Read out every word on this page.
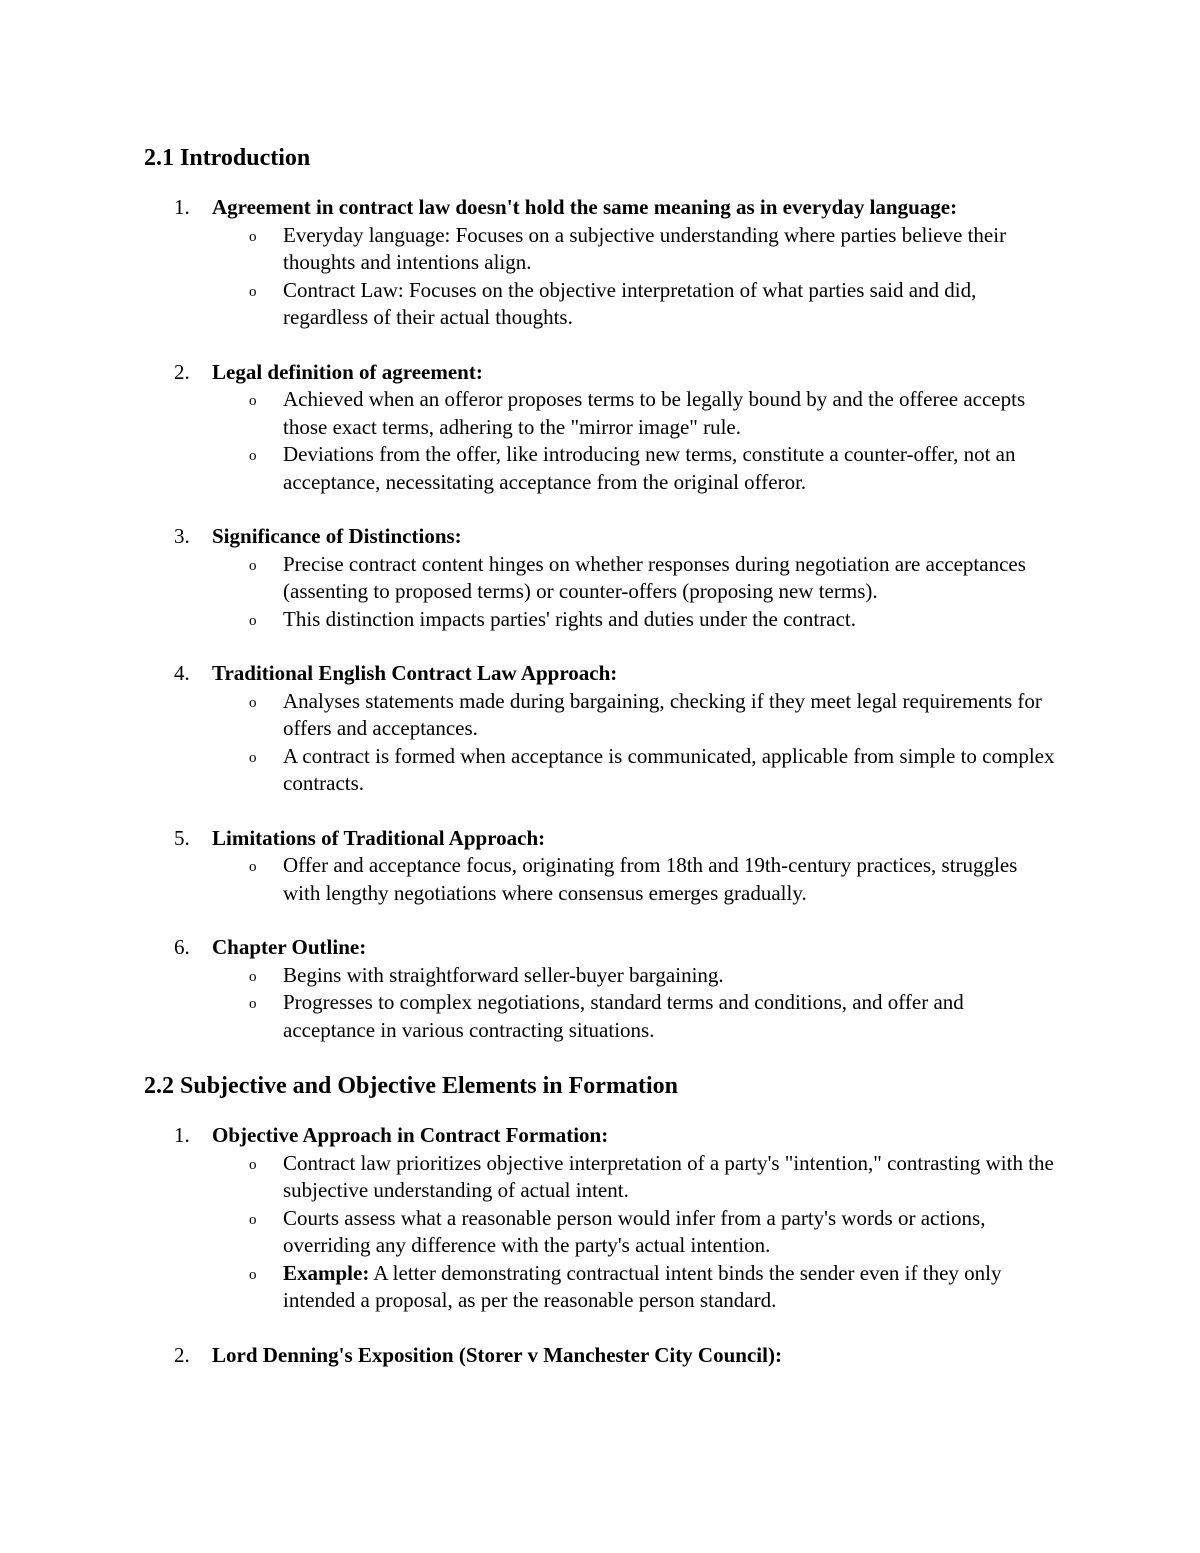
2.1 Introduction
1. Agreement in contract law doesn't hold the same meaning as in everyday language:
o Everyday language: Focuses on a subjective understanding where parties believe their thoughts and intentions align.
o Contract Law: Focuses on the objective interpretation of what parties said and did, regardless of their actual thoughts.
2. Legal definition of agreement:
o Achieved when an offeror proposes terms to be legally bound by and the offeree accepts those exact terms, adhering to the "mirror image" rule.
o Deviations from the offer, like introducing new terms, constitute a counter-offer, not an acceptance, necessitating acceptance from the original offeror.
3. Significance of Distinctions:
o Precise contract content hinges on whether responses during negotiation are acceptances (assenting to proposed terms) or counter-offers (proposing new terms).
o This distinction impacts parties' rights and duties under the contract.
4. Traditional English Contract Law Approach:
o Analyses statements made during bargaining, checking if they meet legal requirements for offers and acceptances.
o A contract is formed when acceptance is communicated, applicable from simple to complex contracts.
5. Limitations of Traditional Approach:
o Offer and acceptance focus, originating from 18th and 19th-century practices, struggles with lengthy negotiations where consensus emerges gradually.
6. Chapter Outline:
o Begins with straightforward seller-buyer bargaining.
o Progresses to complex negotiations, standard terms and conditions, and offer and acceptance in various contracting situations.
2.2 Subjective and Objective Elements in Formation
1. Objective Approach in Contract Formation:
o Contract law prioritizes objective interpretation of a party's "intention," contrasting with the subjective understanding of actual intent.
o Courts assess what a reasonable person would infer from a party's words or actions, overriding any difference with the party's actual intention.
o Example: A letter demonstrating contractual intent binds the sender even if they only intended a proposal, as per the reasonable person standard.
2. Lord Denning's Exposition (Storer v Manchester City Council):
